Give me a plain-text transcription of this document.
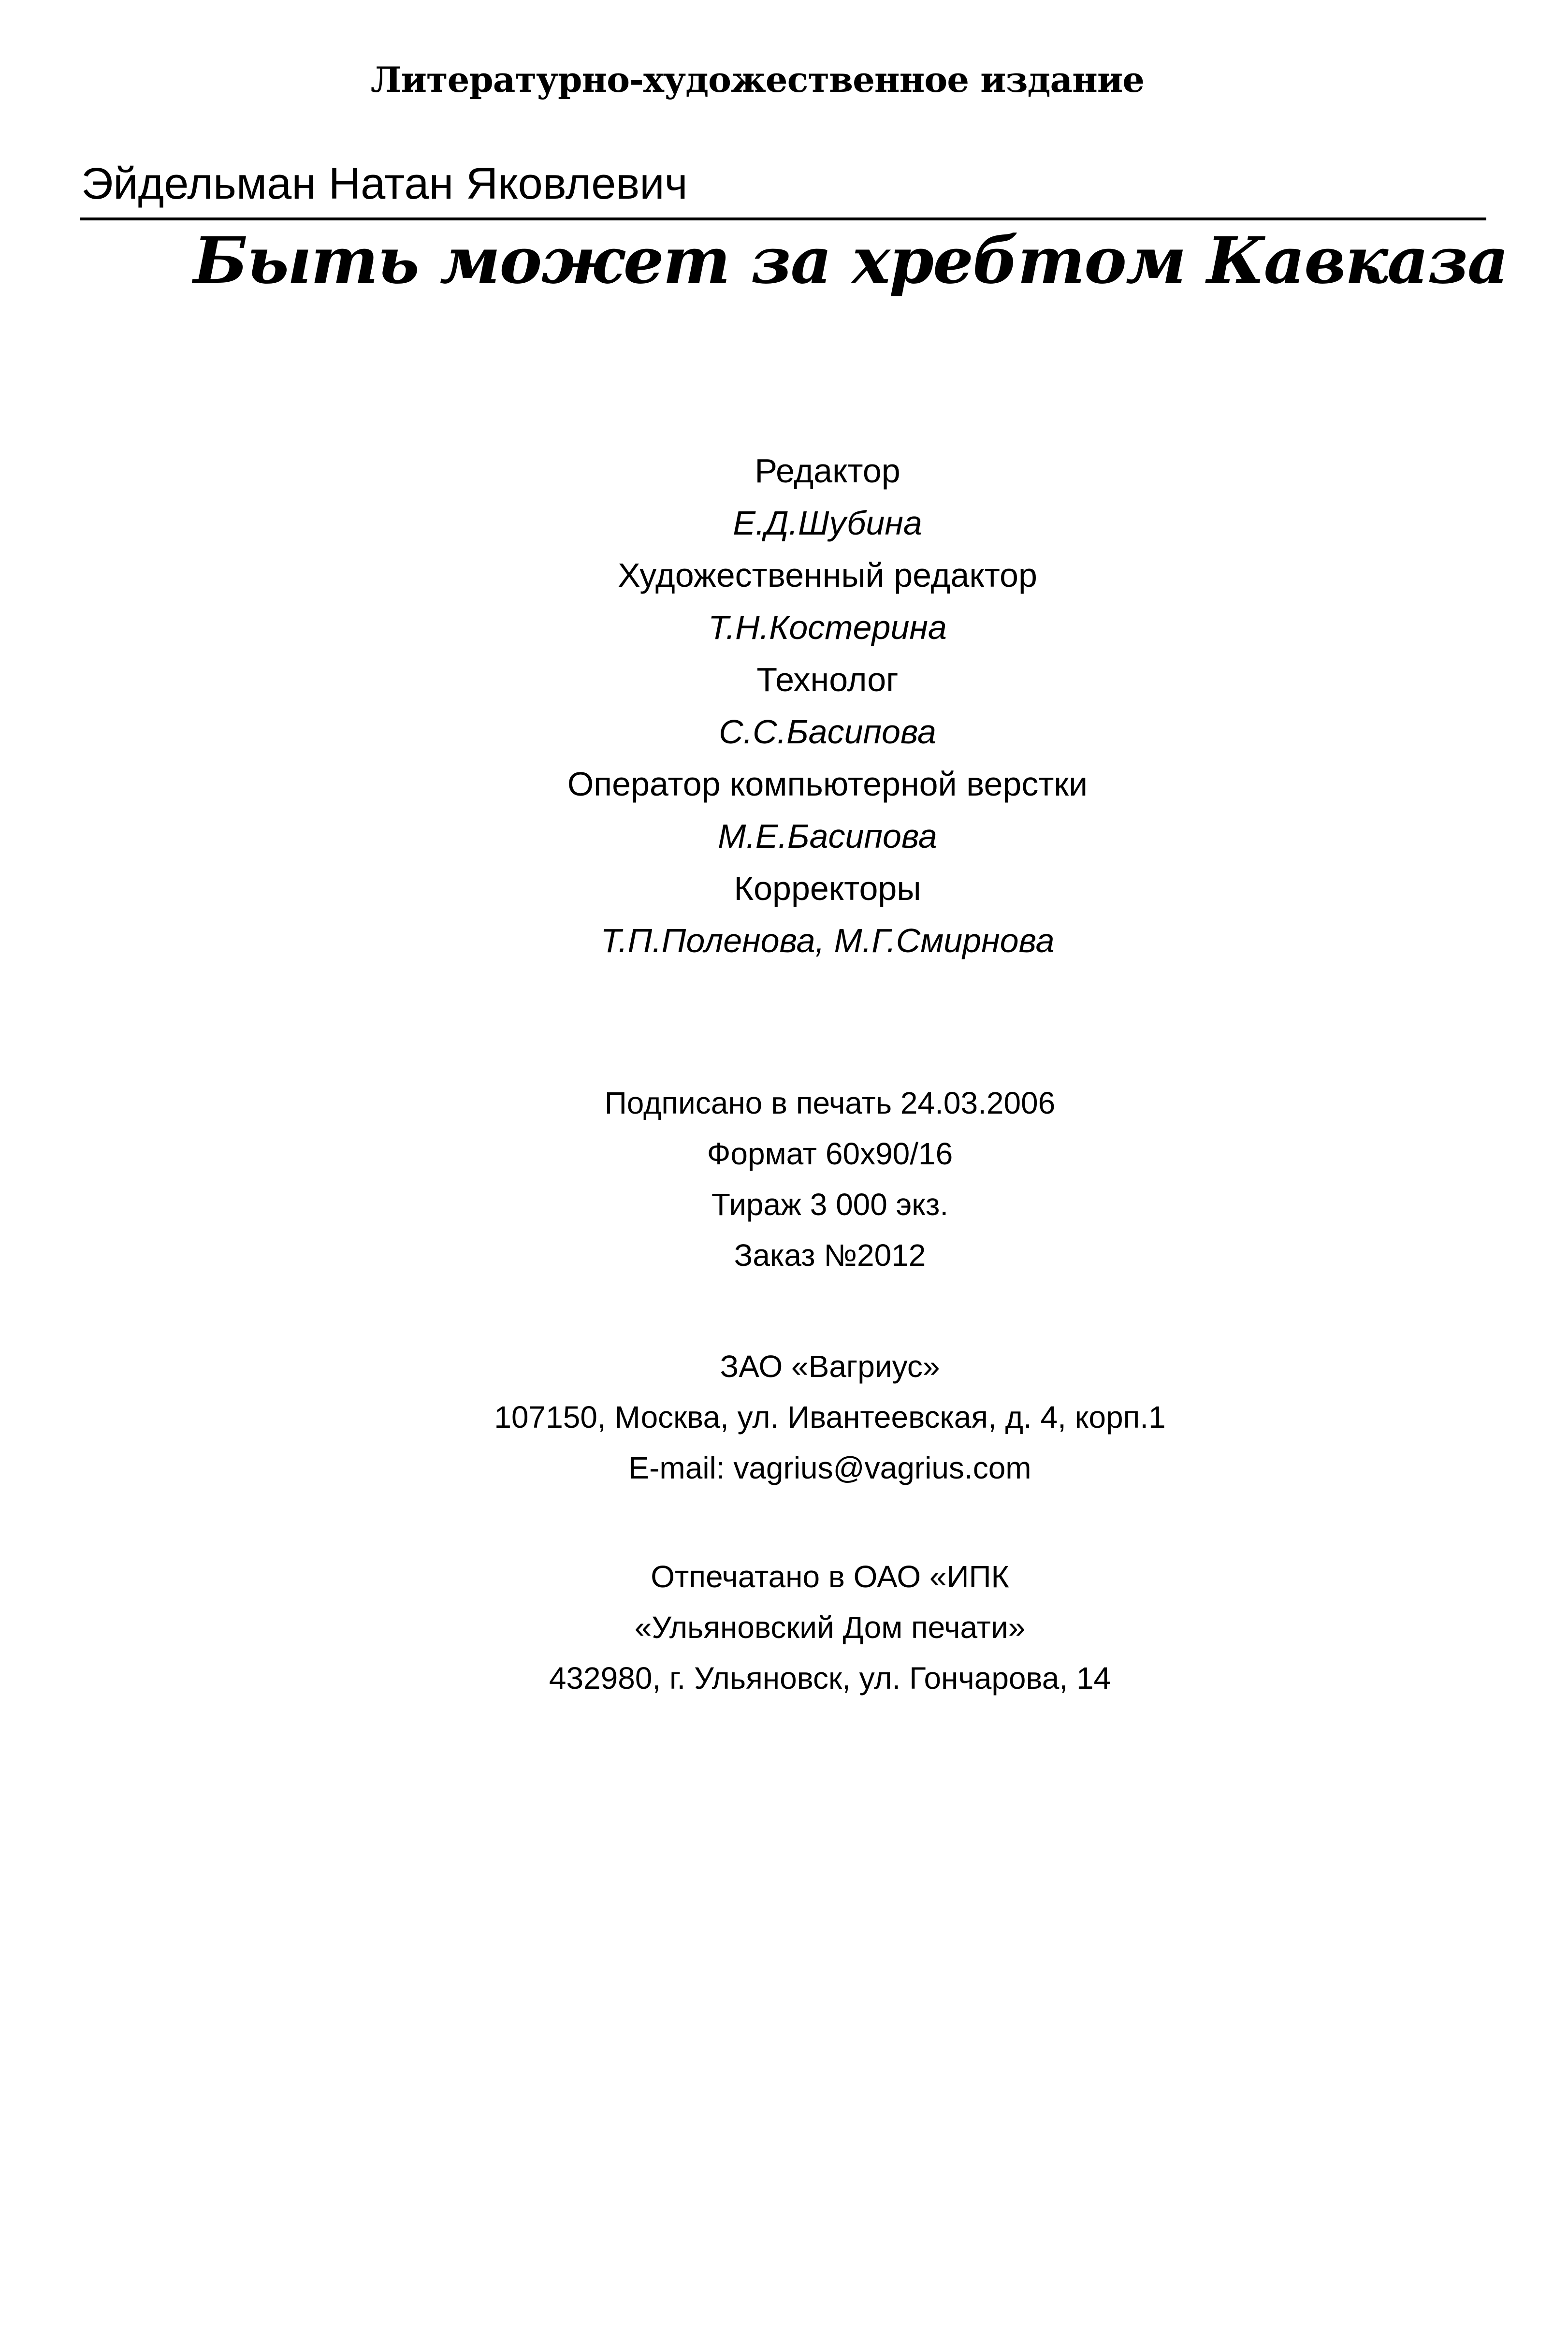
Литературно-художественное издание
Эйдельман Натан Яковлевич
Быть может за хребтом Кавказа
Редактор
Е.Д.Шубина
Художественный редактор
Т.Н.Костерина
Технолог
С.С.Басипова
Оператор компьютерной верстки
М.Е.Басипова
Корректоры
Т.П.Поленова, М.Г.Смирнова
Подписано в печать 24.03.2006
Формат 60x90/16
Тираж 3 000 экз.
Заказ №2012
ЗАО «Вагриус»
107150, Москва, ул. Ивантеевская, д. 4, корп.1
E-mail: vagrius@vagrius.com
Отпечатано в ОАО «ИПК
«Ульяновский Дом печати»
432980, г. Ульяновск, ул. Гончарова, 14
